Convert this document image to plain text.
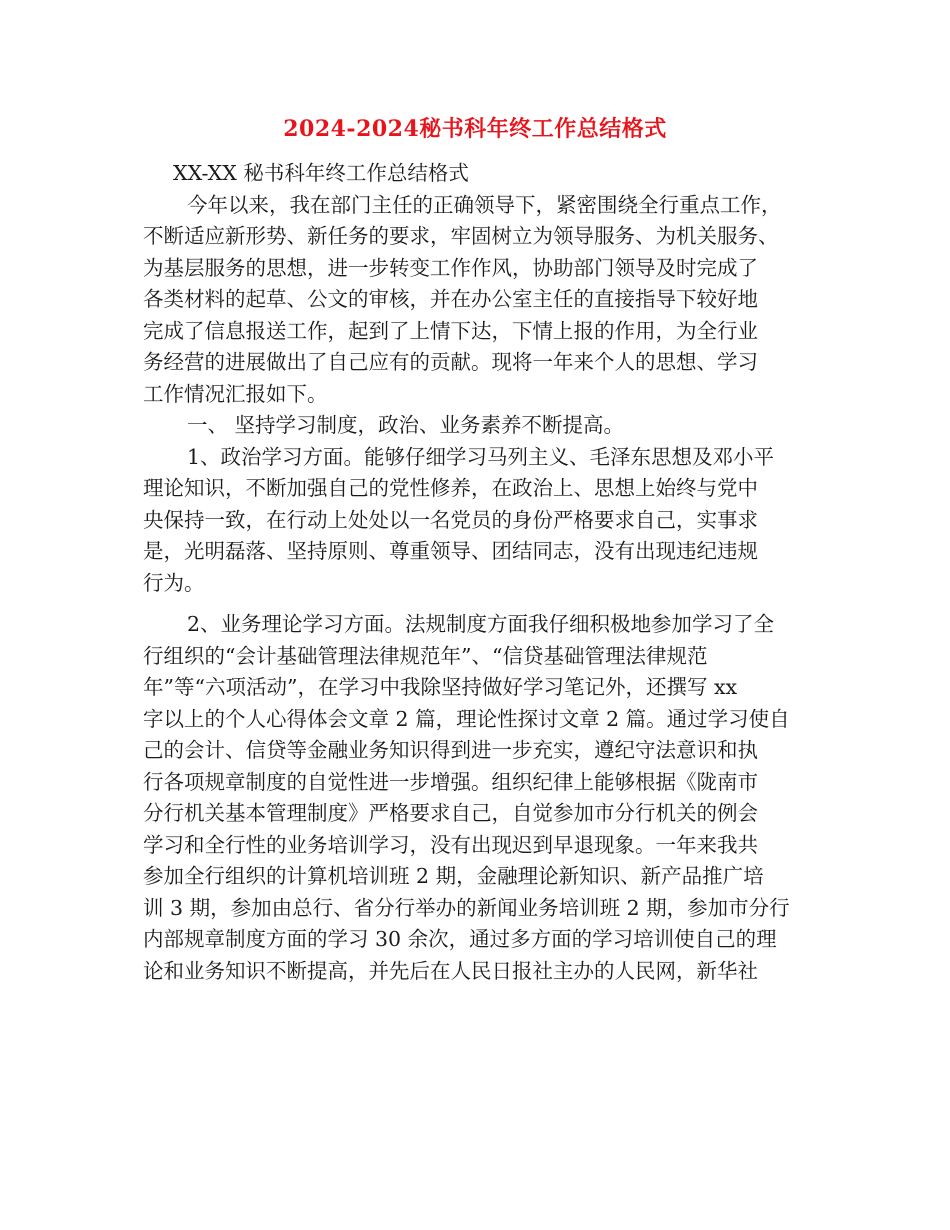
2024-2024秘书科年终工作总结格式
XX-XX 秘书科年终工作总结格式
今年以来，我在部门主任的正确领导下，紧密围绕全行重点工作，
不断适应新形势、新任务的要求，牢固树立为领导服务、为机关服务、
为基层服务的思想，进一步转变工作作风，协助部门领导及时完成了
各类材料的起草、公文的审核，并在办公室主任的直接指导下较好地
完成了信息报送工作，起到了上情下达，下情上报的作用，为全行业
务经营的进展做出了自己应有的贡献。现将一年来个人的思想、学习
工作情况汇报如下。
一、 坚持学习制度，政治、业务素养不断提高。
1、政治学习方面。能够仔细学习马列主义、毛泽东思想及邓小平
理论知识，不断加强自己的党性修养，在政治上、思想上始终与党中
央保持一致，在行动上处处以一名党员的身份严格要求自己，实事求
是，光明磊落、坚持原则、尊重领导、团结同志，没有出现违纪违规
行为。
2、业务理论学习方面。法规制度方面我仔细积极地参加学习了全
行组织的“会计基础管理法律规范年”、“信贷基础管理法律规范
年”等“六项活动”，在学习中我除坚持做好学习笔记外，还撰写 xx
字以上的个人心得体会文章 2 篇，理论性探讨文章 2 篇。通过学习使自
己的会计、信贷等金融业务知识得到进一步充实，遵纪守法意识和执
行各项规章制度的自觉性进一步增强。组织纪律上能够根据《陇南市
分行机关基本管理制度》严格要求自己，自觉参加市分行机关的例会
学习和全行性的业务培训学习，没有出现迟到早退现象。一年来我共
参加全行组织的计算机培训班 2 期，金融理论新知识、新产品推广培
训 3 期，参加由总行、省分行举办的新闻业务培训班 2 期，参加市分行
内部规章制度方面的学习 30 余次，通过多方面的学习培训使自己的理
论和业务知识不断提高，并先后在人民日报社主办的人民网，新华社
